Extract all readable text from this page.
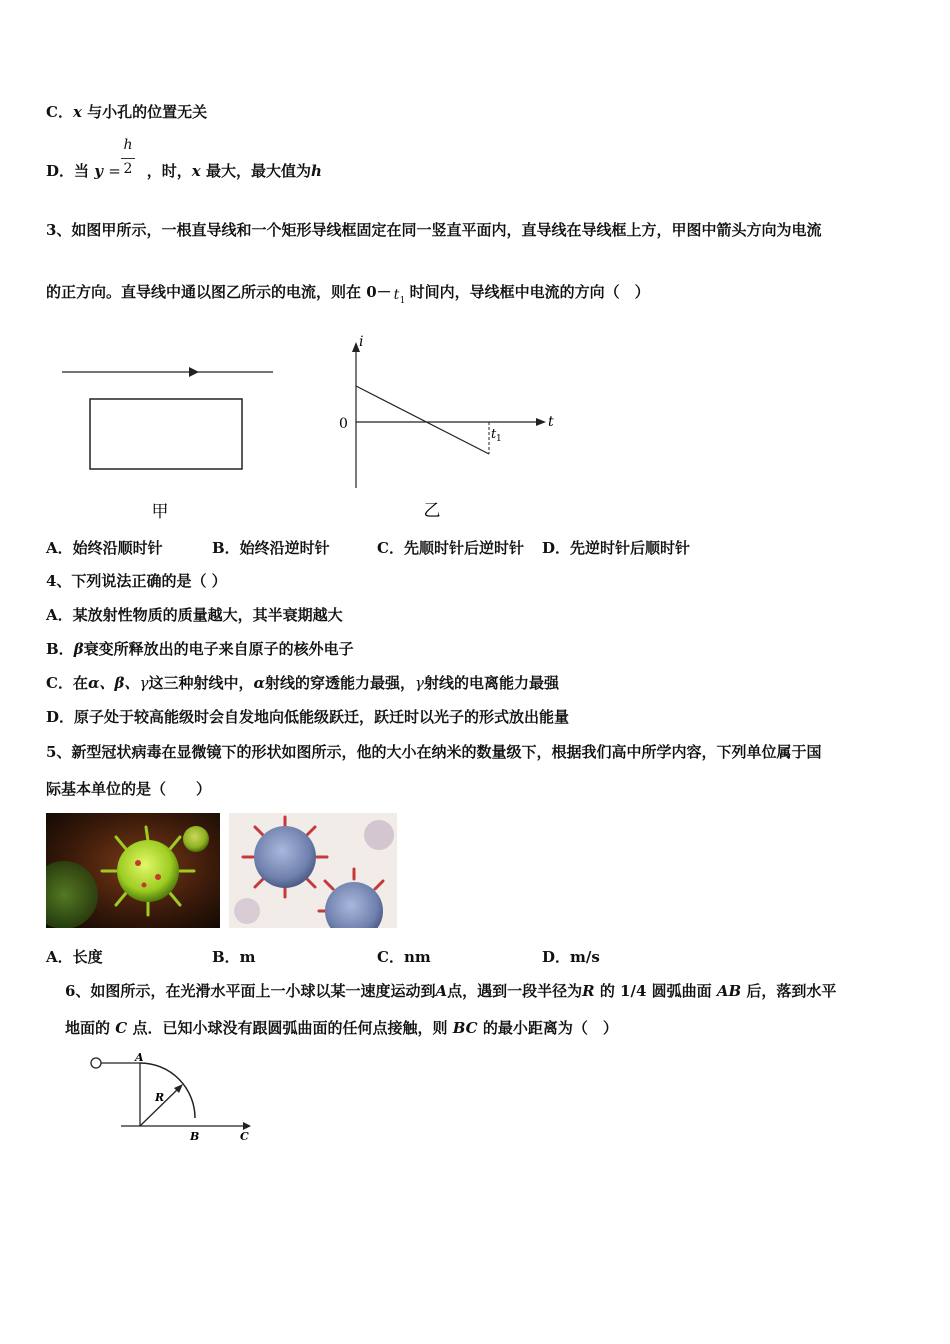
C．x 与小孔的位置无关
D．当 y = ，时，x 最大，最大值为h
h
2
3、如图甲所示，一根直导线和一个矩形导线框固定在同一竖直平面内，直导线在导线框上方，甲图中箭头方向为电流
的正方向。直导线中通以图乙所示的电流，则在 0－ t 1 时间内，导线框中电流的方向（　）
甲
i
t
0
t 1
乙
A．始终沿顺时针	B．始终沿逆时针	C．先顺时针后逆时针 D．先逆时针后顺时针
4、下列说法正确的是（ ）
A．某放射性物质的质量越大，其半衰期越大
B．β衰变所释放出的电子来自原子的核外电子
C．在α、β、γ这三种射线中，α射线的穿透能力最强，γ射线的电离能力最强
D．原子处于较高能级时会自发地向低能级跃迁，跃迁时以光子的形式放出能量
5、新型冠状病毒在显微镜下的形状如图所示，他的大小在纳米的数量级下，根据我们高中所学内容，下列单位属于国
际基本单位的是（　　）
A．长度	B．m	C．nm	D．m/s
6、如图所示，在光滑水平面上一小球以某一速度运动到A点，遇到一段半径为R 的 1/4 圆弧曲面 AB 后，落到水平
地面的 C 点．已知小球没有跟圆弧曲面的任何点接触，则 BC 的最小距离为（　）
A
R
B	C
